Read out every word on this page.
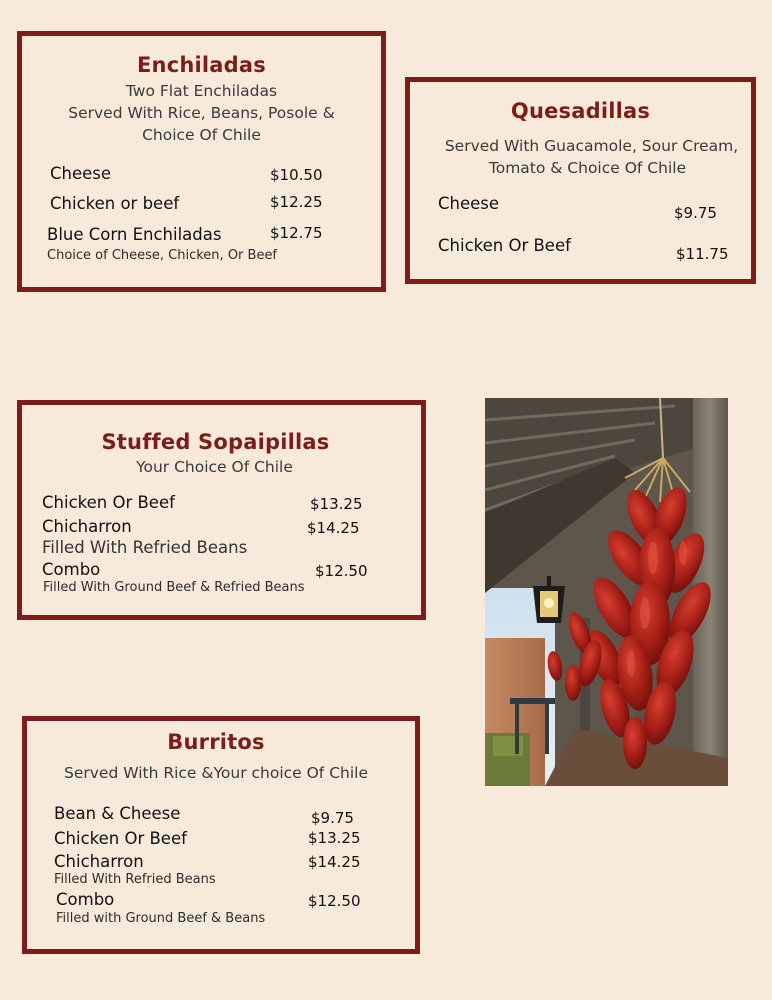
Enchiladas
Two Flat Enchiladas
Served With Rice, Beans, Posole &
Choice Of Chile
Cheese	$10.50
Chicken or beef	$12.25
Blue Corn Enchiladas	$12.75
Choice of Cheese, Chicken, Or Beef
Quesadillas
Served With Guacamole, Sour Cream,
Tomato & Choice Of Chile
Cheese	$9.75
Chicken Or Beef	$11.75
Stuffed Sopaipillas
Your Choice Of Chile
Chicken Or Beef	$13.25
Chicharron	$14.25
Filled With Refried Beans
Combo	$12.50
Filled With Ground Beef & Refried Beans
Burritos
Served With Rice &Your choice Of Chile
Bean & Cheese	$9.75
Chicken Or Beef	$13.25
Chicharron	$14.25
Filled With Refried Beans
Combo	$12.50
Filled with Ground Beef & Beans
